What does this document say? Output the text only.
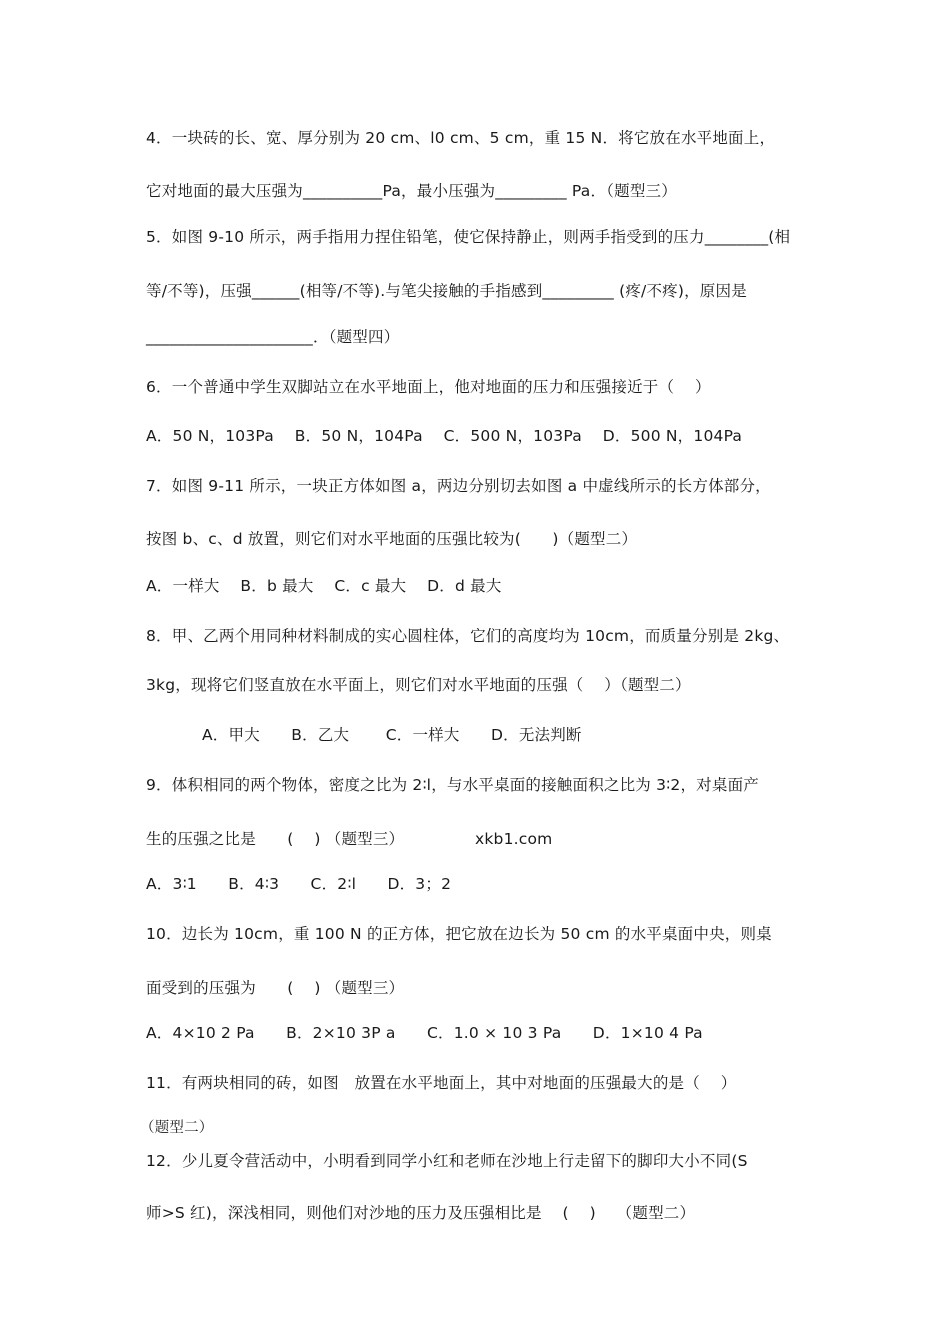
4．一块砖的长、宽、厚分别为 20 cm、l0 cm、5 cm，重 15 N．将它放在水平地面上，
它对地面的最大压强为__________Pa，最小压强为_________ Pa．（题型三）
5．如图 9-10 所示，两手指用力捏住铅笔，使它保持静止，则两手指受到的压力________(相
等/不等)，压强______(相等/不等).与笔尖接触的手指感到_________ (疼/不疼)，原因是
_____________________．（题型四）
6．一个普通中学生双脚站立在水平地面上，他对地面的压力和压强接近于（　 ）
A．50 N，103Pa　 B．50 N，104Pa　 C．500 N，103Pa　 D．500 N，104Pa
7．如图 9-11 所示，一块正方体如图 a，两边分别切去如图 a 中虚线所示的长方体部分，
按图 b、c、d 放置，则它们对水平地面的压强比较为(　　)（题型二）
A．一样大　 B．b 最大　 C．c 最大　 D．d 最大
8．甲、乙两个用同种材料制成的实心圆柱体，它们的高度均为 10cm，而质量分别是 2kg、
3kg，现将它们竖直放在水平面上，则它们对水平地面的压强（　 ）（题型二）
A．甲大　　B．乙大　　 C．一样大　　D．无法判断
9．体积相同的两个物体，密度之比为 2∶l，与水平桌面的接触面积之比为 3∶2，对桌面产
生的压强之比是　　(　 ) （题型三）　　　　　xkb1.com
A．3∶1　　B．4∶3　　C．2∶l　　D．3；2
10．边长为 10cm，重 100 N 的正方体，把它放在边长为 50 cm 的水平桌面中央，则桌
面受到的压强为　　(　 ) （题型三）
A．4×10 2 Pa　　B．2×10 3P a　　C．1.0 × 10 3 Pa　　D．1×10 4 Pa
11．有两块相同的砖，如图　放置在水平地面上，其中对地面的压强最大的是（　 ）
（题型二）
12．少儿夏令营活动中，小明看到同学小红和老师在沙地上行走留下的脚印大小不同(S
师>S 红)，深浅相同，则他们对沙地的压力及压强相比是　 (　 )　 （题型二）
